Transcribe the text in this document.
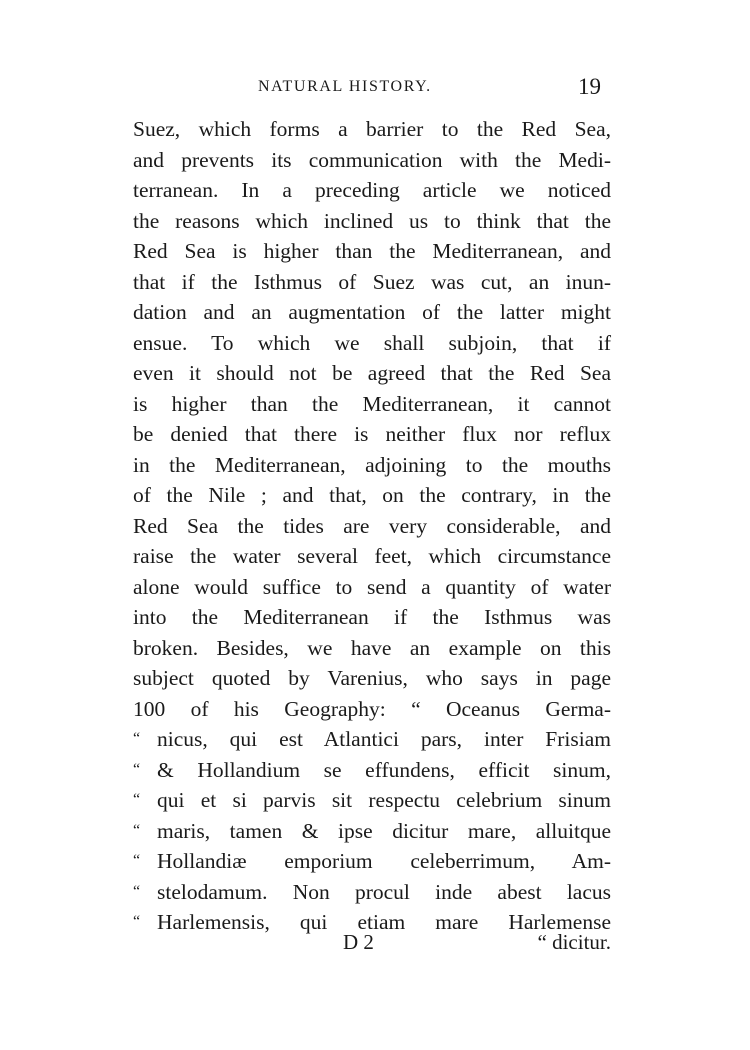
NATURAL HISTORY.	19
Suez, which forms a barrier to the Red Sea,
and prevents its communication with the Medi-
terranean. In a preceding article we noticed
the reasons which inclined us to think that the
Red Sea is higher than the Mediterranean, and
that if the Isthmus of Suez was cut, an inun-
dation and an augmentation of the latter might
ensue. To which we shall subjoin, that if
even it should not be agreed that the Red Sea
is higher than the Mediterranean, it cannot
be denied that there is neither flux nor reflux
in the Mediterranean, adjoining to the mouths
of the Nile ; and that, on the contrary, in the
Red Sea the tides are very considerable, and
raise the water several feet, which circumstance
alone would suffice to send a quantity of water
into the Mediterranean if the Isthmus was
broken. Besides, we have an example on this
subject quoted by Varenius, who says in page
100 of his Geography: “ Oceanus Germa-
“ nicus, qui est Atlantici pars, inter Frisiam
“ & Hollandium se effundens, efficit sinum,
“ qui et si parvis sit respectu celebrium sinum
“ maris, tamen & ipse dicitur mare, alluitque
“ Hollandiæ emporium celeberrimum, Am-
“ stelodamum. Non procul inde abest lacus
“ Harlemensis, qui etiam mare Harlemense
D 2	“ dicitur.
